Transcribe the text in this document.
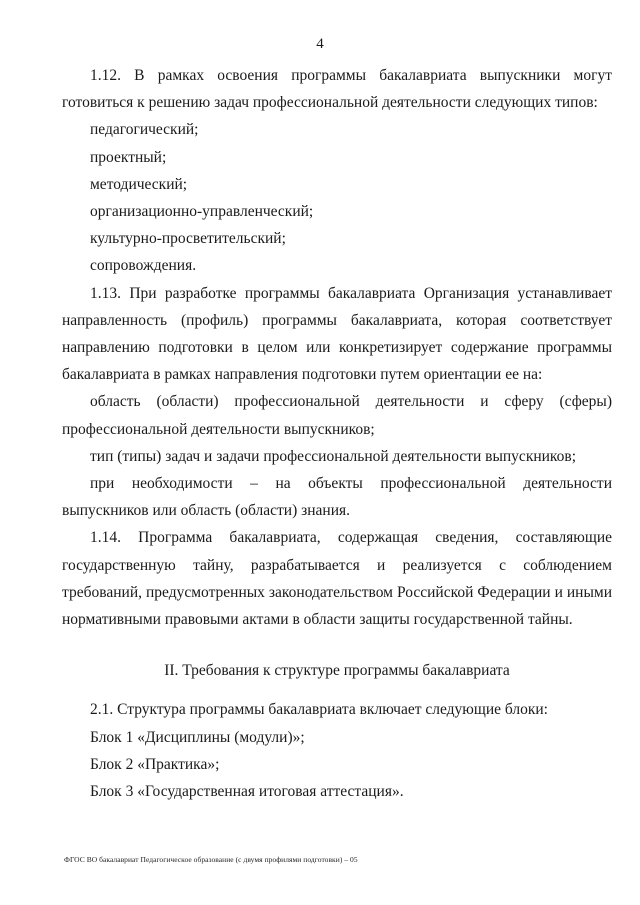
4

1.12. В рамках освоения программы бакалавриата выпускники могут готовиться к решению задач профессиональной деятельности следующих типов:

педагогический;

проектный;

методический;

организационно-управленческий;

культурно-просветительский;

сопровождения.

1.13. При разработке программы бакалавриата Организация устанавливает направленность (профиль) программы бакалавриата, которая соответствует направлению подготовки в целом или конкретизирует содержание программы бакалавриата в рамках направления подготовки путем ориентации ее на:

область (области) профессиональной деятельности и сферу (сферы) профессиональной деятельности выпускников;

тип (типы) задач и задачи профессиональной деятельности выпускников;

при необходимости – на объекты профессиональной деятельности выпускников или область (области) знания.

1.14. Программа бакалавриата, содержащая сведения, составляющие государственную тайну, разрабатывается и реализуется с соблюдением требований, предусмотренных законодательством Российской Федерации и иными нормативными правовыми актами в области защиты государственной тайны.

II. Требования к структуре программы бакалавриата

2.1. Структура программы бакалавриата включает следующие блоки:

Блок 1 «Дисциплины (модули)»;

Блок 2 «Практика»;

Блок 3 «Государственная итоговая аттестация».

ФГОС ВО бакалавриат Педагогическое образование (с двумя профилями подготовки) – 05
